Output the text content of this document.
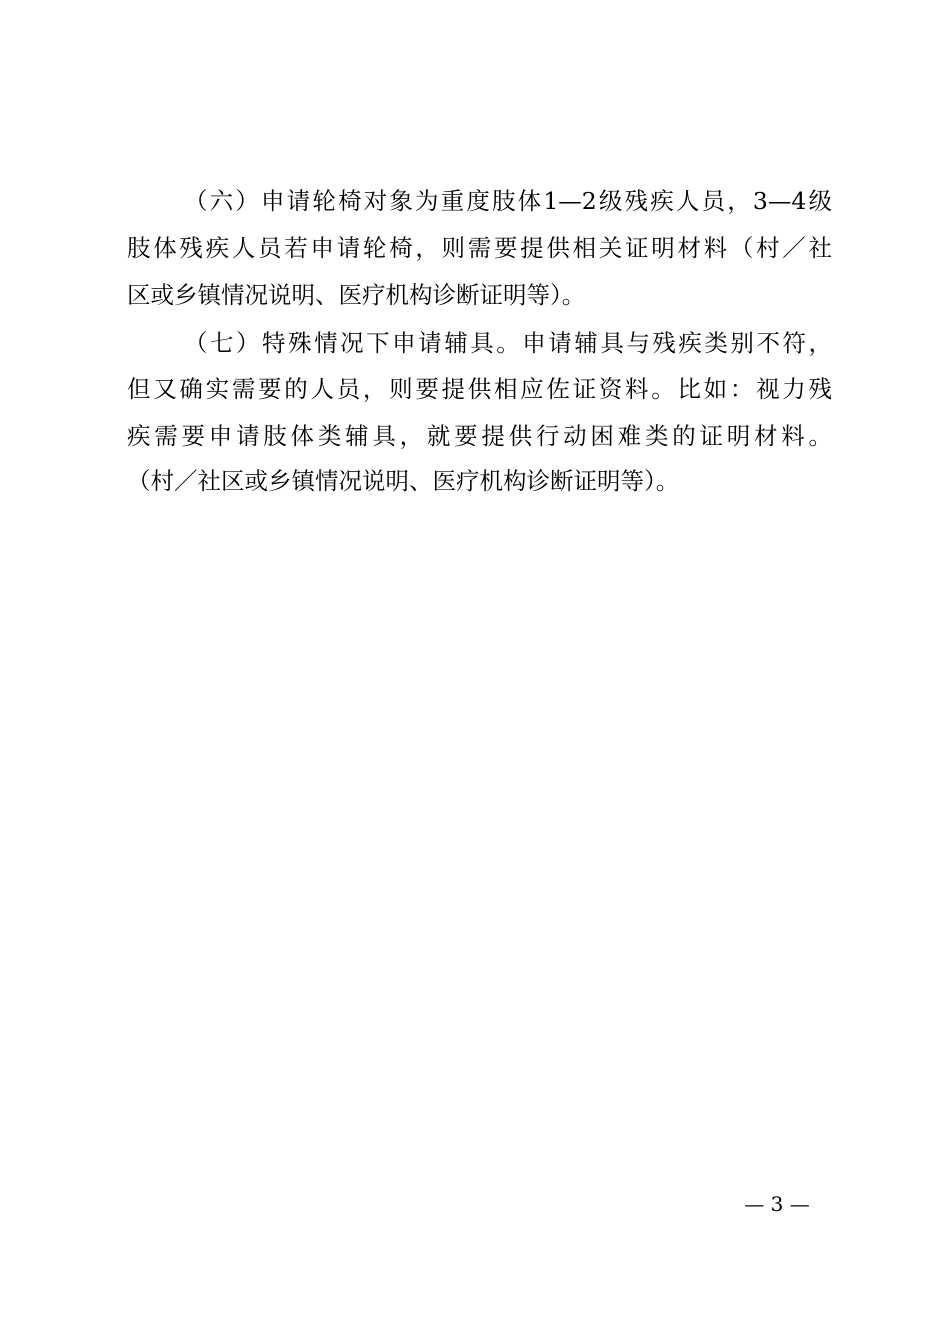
（六）申请轮椅对象为重度肢体1—2级残疾人员，3—4级
肢体残疾人员若申请轮椅，则需要提供相关证明材料（村／社
区或乡镇情况说明、医疗机构诊断证明等）。
（七）特殊情况下申请辅具。申请辅具与残疾类别不符，
但又确实需要的人员，则要提供相应佐证资料。比如：视力残
疾需要申请肢体类辅具，就要提供行动困难类的证明材料。
（村／社区或乡镇情况说明、医疗机构诊断证明等）。
— 3 —
